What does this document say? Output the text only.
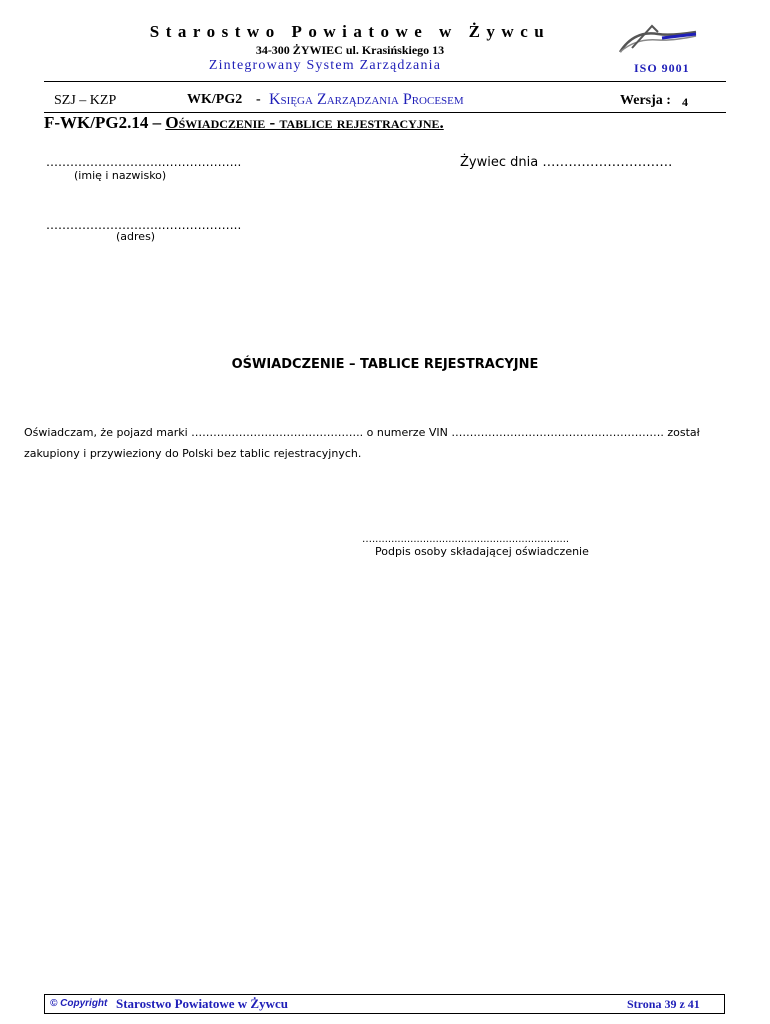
Starostwo Powiatowe w Żywcu
34-300 ŻYWIEC ul. Krasińskiego 13
Zintegrowany System Zarządzania	ISO 9001
SZJ – KZP	WK/PG2 - Księga Zarządzania Procesem	Wersja : 4
F-WK/PG2.14 – Oświadczenie - tablice rejestracyjne.
………………………..………………..
(imię i nazwisko)
Żywiec dnia …………………………
………………………..………………..
(adres)
OŚWIADCZENIE – TABLICE REJESTRACYJNE
Oświadczam, że pojazd marki ……………………………………….. o numerze VIN …………………………………………………. został
zakupiony i przywieziony do Polski bez tablic rejestracyjnych.
…..............................................................
Podpis osoby składającej oświadczenie
© Copyright Starostwo Powiatowe w Żywcu	Strona 39 z 41
